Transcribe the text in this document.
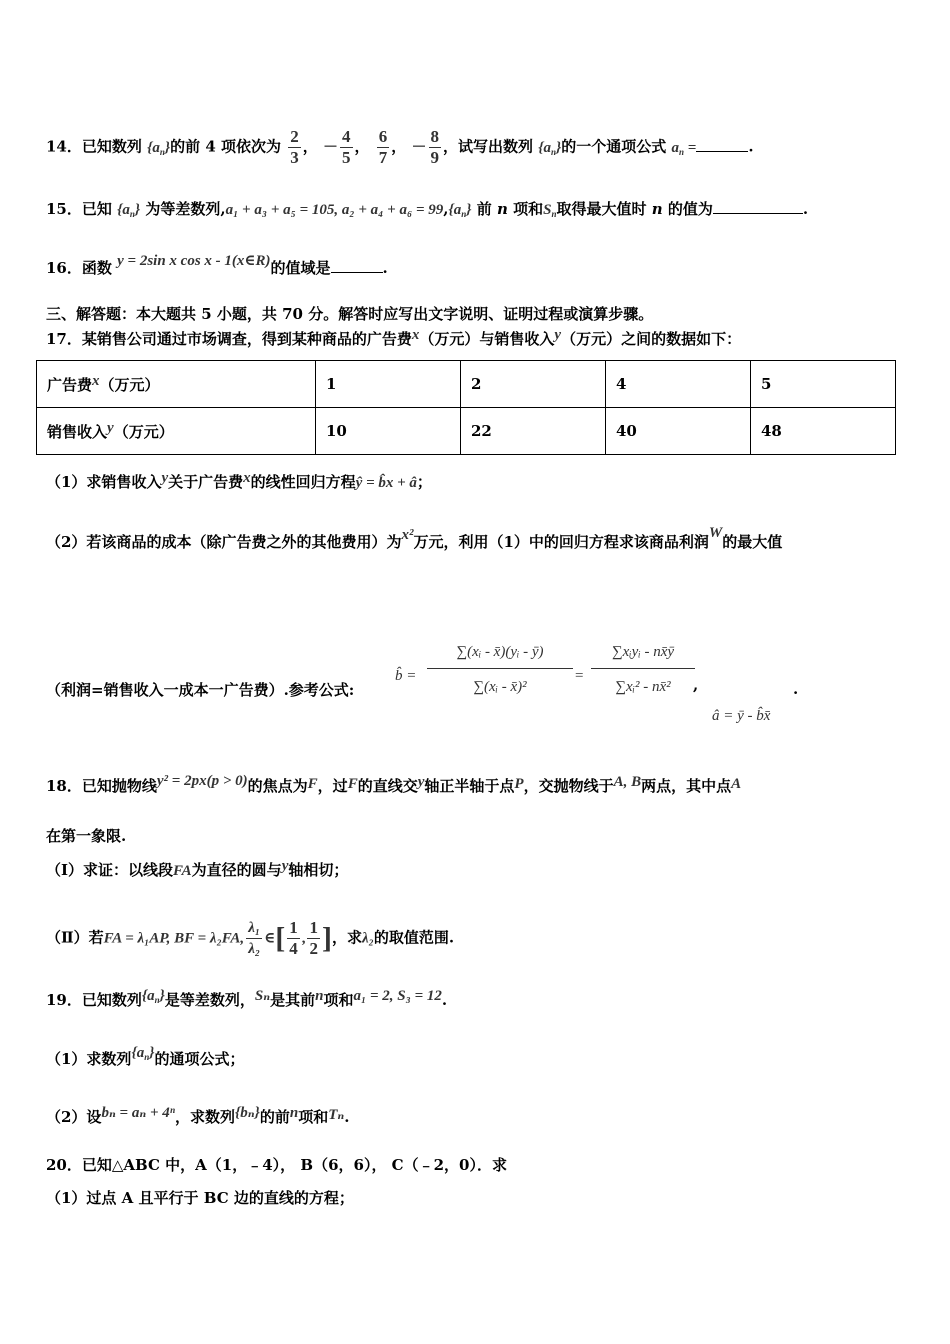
14．已知数列 $\{a_n\}$的前 4 项依次为 $\frac{2}{3}$ ， － $\frac{4}{5}$ ， $\frac{6}{7}$ ， － $\frac{8}{9}$ ，试写出数列 $\{a_n\}$的一个通项公式 $a_n$ =	.
15．已知 $\{a_n\}$ 为等差数列,a₁ + a₃ + a₅ = 105, $a_2 + a_4 + a_6 = 99,\{a_n\}$ 前 n 项和$S_n$取得最大值时 n 的值为	.
16．函数 y = 2sin x cos x - 1(x∈R)的值域是	.
三、解答题：本大题共 5 小题，共 70 分。解答时应写出文字说明、证明过程或演算步骤。
17．某销售公司通过市场调查，得到某种商品的广告费x（万元）与销售收入y（万元）之间的数据如下：
广告费x（万元）	1	2	4	5
销售收入y（万元）	10	22	40	48
（1）求销售收入y关于广告费x的线性回归方程ŷ = b̂x + â；
（2）若该商品的成本（除广告费之外的其他费用）为x²万元，利用（1）中的回归方程求该商品利润W的最大值
（利润=销售收入一成本一广告费）.参考公式:
b̂ =
∑(xᵢ - x̄)(yᵢ - ȳ)
∑(xᵢ - x̄)²
=
∑xᵢyᵢ - nx̄ȳ
∑xᵢ² - nx̄²	,
â = ȳ - b̂x̄
.
18．已知抛物线y² = 2px(p > 0)的焦点为F，过F的直线交y轴正半轴于点P，交抛物线于A, B两点，其中点A
在第一象限.
（Ⅰ）求证：以线段FA为直径的圆与y轴相切；
（Ⅱ）若FA = λ₁AP, BF = λ₂FA, $\frac{\text{λ₁}}{\text{λ₂}}$ ∈[ $\frac{1}{4}$ , $\frac{1}{2}$ ]，求λ₂的取值范围.
19．已知数列$\{a_n\}$是等差数列，Sₙ是其前n项和a₁ = 2, S₃ = 12.
（1）求数列$\{a_n\}$的通项公式；
（2）设bₙ = aₙ + 4ⁿ，求数列{bₙ}的前n项和Tₙ.
20．已知△ABC 中，A（1，﹣4）， B（6，6）， C（﹣2，0）．求
（1）过点 A 且平行于 BC 边的直线的方程；
